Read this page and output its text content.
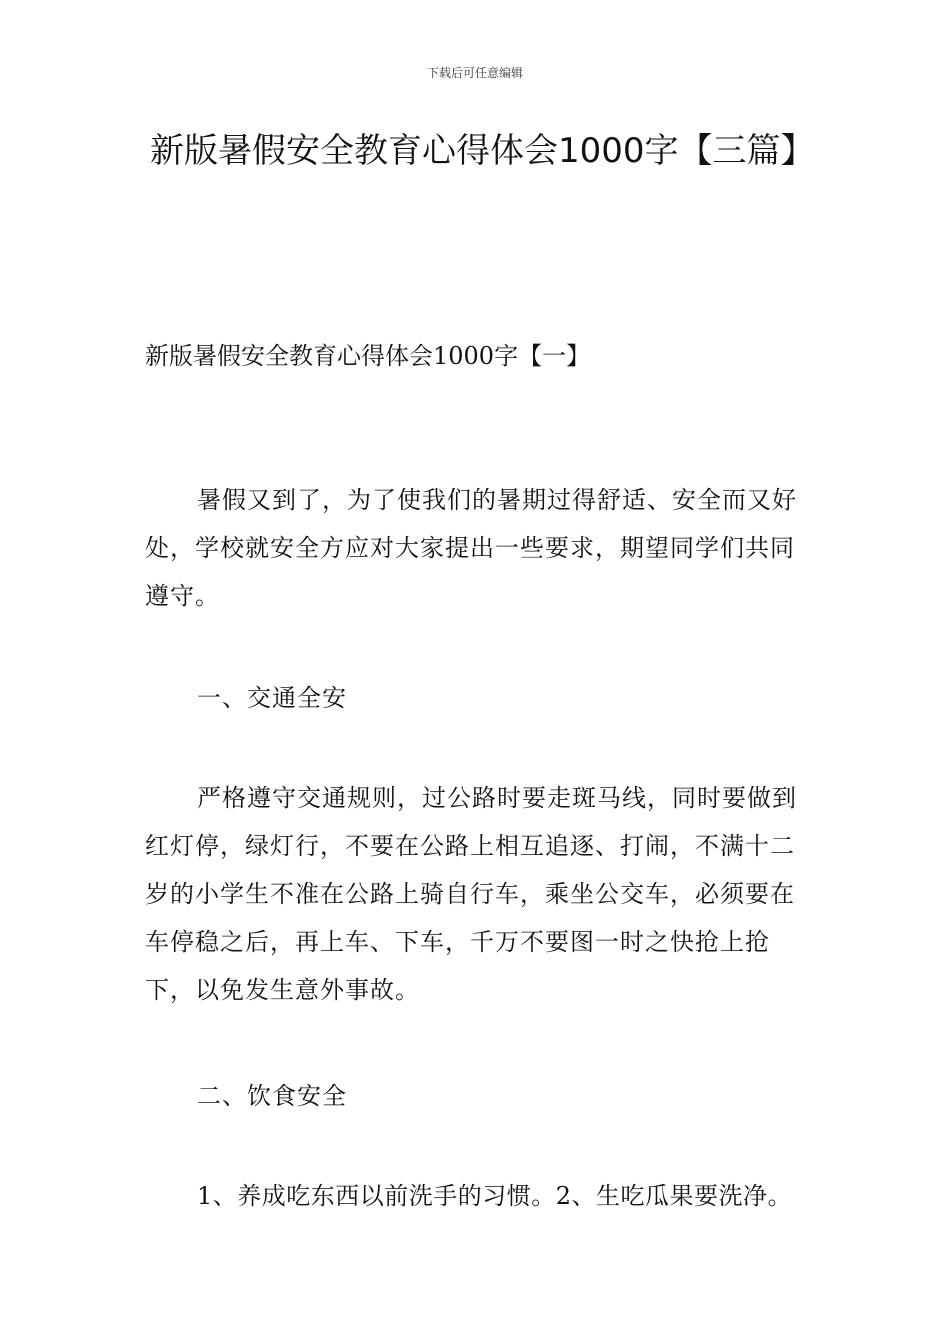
下载后可任意编辑
新版暑假安全教育心得体会1000字【三篇】

新版暑假安全教育心得体会1000字【一】

暑假又到了，为了使我们的暑期过得舒适、安全而又好处，学校就安全方应对大家提出一些要求，期望同学们共同遵守。

一、交通全安

严格遵守交通规则，过公路时要走斑马线，同时要做到红灯停，绿灯行，不要在公路上相互追逐、打闹，不满十二岁的小学生不准在公路上骑自行车，乘坐公交车，必须要在车停稳之后，再上车、下车，千万不要图一时之快抢上抢下，以免发生意外事故。

二、饮食安全

1、养成吃东西以前洗手的习惯。2、生吃瓜果要洗净。
